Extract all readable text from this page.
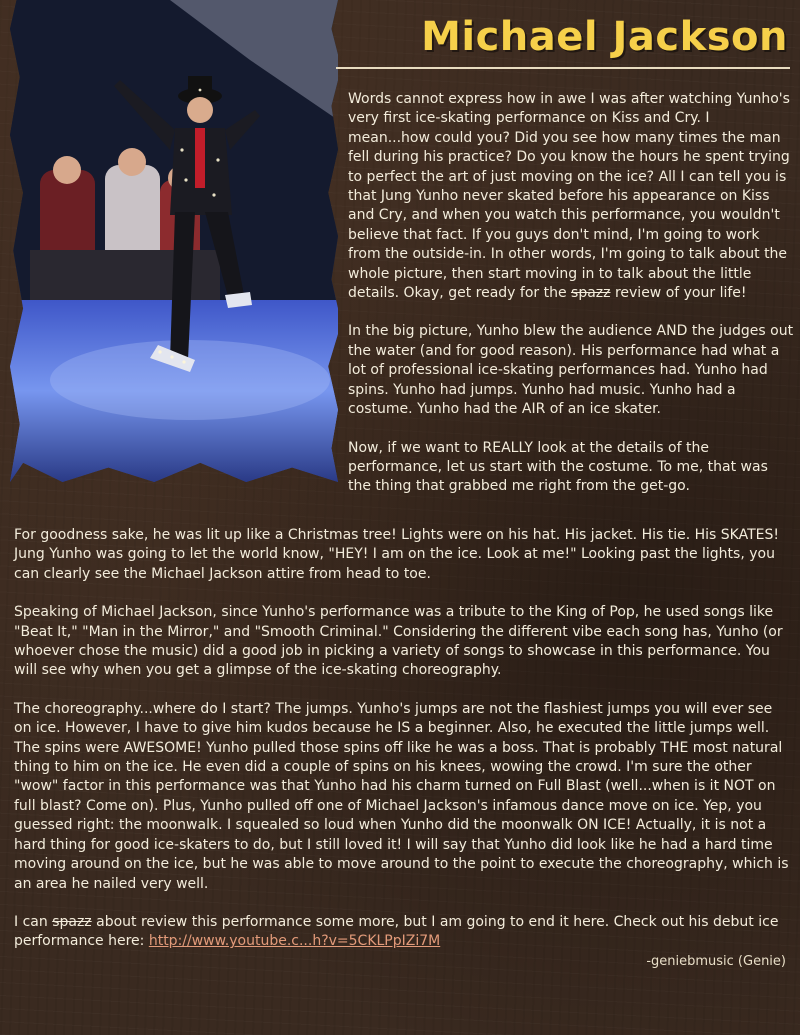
Michael Jackson

Words cannot express how in awe I was after watching Yunho's very first ice-skating performance on Kiss and Cry. I mean...how could you? Did you see how many times the man fell during his practice? Do you know the hours he spent trying to perfect the art of just moving on the ice? All I can tell you is that Jung Yunho never skated before his appearance on Kiss and Cry, and when you watch this performance, you wouldn't believe that fact. If you guys don't mind, I'm going to work from the outside-in. In other words, I'm going to talk about the whole picture, then start moving in to talk about the little details. Okay, get ready for the spazz review of your life!

In the big picture, Yunho blew the audience AND the judges out the water (and for good reason). His performance had what a lot of professional ice-skating performances had. Yunho had spins. Yunho had jumps. Yunho had music. Yunho had a costume. Yunho had the AIR of an ice skater.

Now, if we want to REALLY look at the details of the performance, let us start with the costume. To me, that was the thing that grabbed me right from the get-go.

For goodness sake, he was lit up like a Christmas tree! Lights were on his hat. His jacket. His tie. His SKATES! Jung Yunho was going to let the world know, "HEY! I am on the ice. Look at me!" Looking past the lights, you can clearly see the Michael Jackson attire from head to toe.

Speaking of Michael Jackson, since Yunho's performance was a tribute to the King of Pop, he used songs like "Beat It," "Man in the Mirror," and "Smooth Criminal." Considering the different vibe each song has, Yunho (or whoever chose the music) did a good job in picking a variety of songs to showcase in this performance. You will see why when you get a glimpse of the ice-skating choreography.

The choreography...where do I start? The jumps. Yunho's jumps are not the flashiest jumps you will ever see on ice. However, I have to give him kudos because he IS a beginner. Also, he executed the little jumps well. The spins were AWESOME! Yunho pulled those spins off like he was a boss. That is probably THE most natural thing to him on the ice. He even did a couple of spins on his knees, wowing the crowd. I'm sure the other "wow" factor in this performance was that Yunho had his charm turned on Full Blast (well...when is it NOT on full blast? Come on). Plus, Yunho pulled off one of Michael Jackson's infamous dance move on ice. Yep, you guessed right: the moonwalk. I squealed so loud when Yunho did the moonwalk ON ICE! Actually, it is not a hard thing for good ice-skaters to do, but I still loved it! I will say that Yunho did look like he had a hard time moving around on the ice, but he was able to move around to the point to execute the choreography, which is an area he nailed very well.

I can spazz about review this performance some more, but I am going to end it here. Check out his debut ice performance here: http://www.youtube.c...h?v=5CKLPpIZi7M

-geniebmusic (Genie)
